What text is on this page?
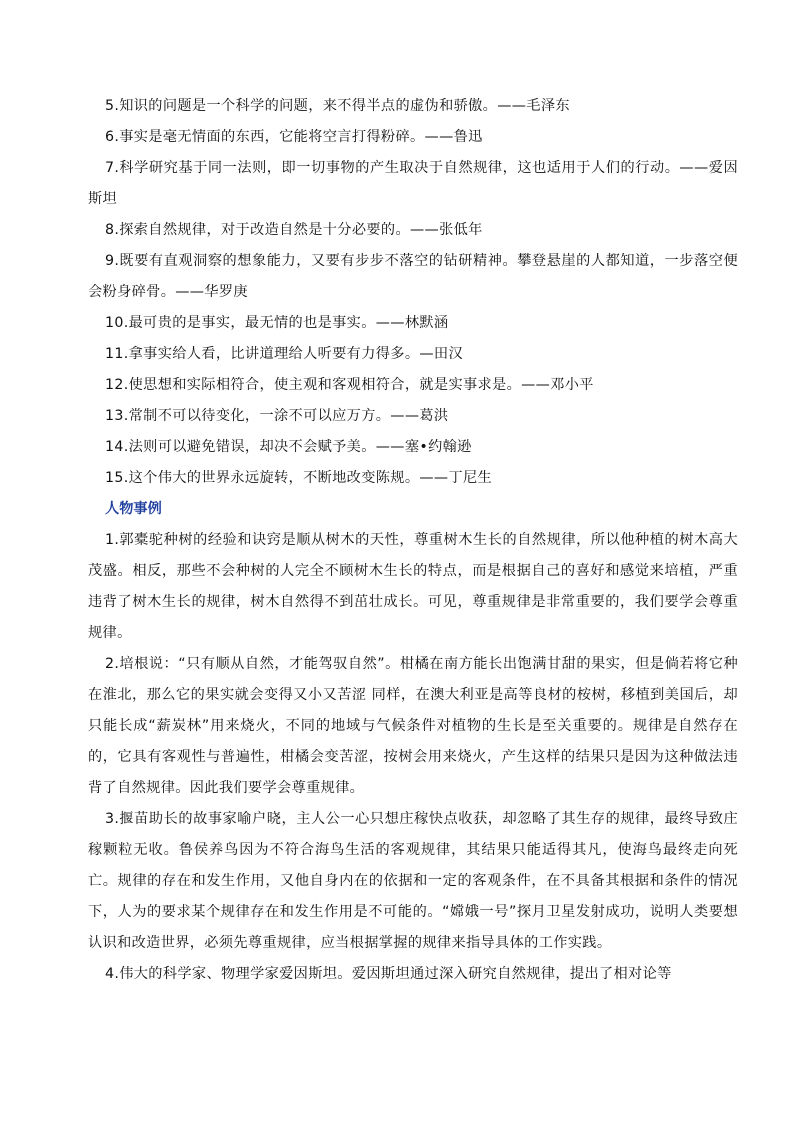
5.知识的问题是一个科学的问题，来不得半点的虚伪和骄傲。——毛泽东

6.事实是毫无情面的东西，它能将空言打得粉碎。——鲁迅

7.科学研究基于同一法则，即一切事物的产生取决于自然规律，这也适用于人们的行动。——爱因斯坦

8.探索自然规律，对于改造自然是十分必要的。——张低年

9.既要有直观洞察的想象能力，又要有步步不落空的钻研精神。攀登悬崖的人都知道，一步落空便会粉身碎骨。——华罗庚

10.最可贵的是事实，最无情的也是事实。——林默涵

11.拿事实给人看，比讲道理给人听要有力得多。—田汉

12.使思想和实际相符合，使主观和客观相符合，就是实事求是。——邓小平

13.常制不可以待变化，一涂不可以应万方。——葛洪

14.法则可以避免错误，却决不会赋予美。——塞•约翰逊

15.这个伟大的世界永远旋转，不断地改变陈规。——丁尼生

人物事例

1.郭橐驼种树的经验和诀窍是顺从树木的天性，尊重树木生长的自然规律，所以他种植的树木高大茂盛。相反，那些不会种树的人完全不顾树木生长的特点，而是根据自己的喜好和感觉来培植，严重违背了树木生长的规律，树木自然得不到茁壮成长。可见，尊重规律是非常重要的，我们要学会尊重规律。

2.培根说：“只有顺从自然，才能驾驭自然”。柑橘在南方能长出饱满甘甜的果实，但是倘若将它种在淮北，那么它的果实就会变得又小又苦涩 同样，在澳大利亚是高等良材的桉树，移植到美国后，却只能长成“薪炭林”用来烧火，不同的地域与气候条件对植物的生长是至关重要的。规律是自然存在的，它具有客观性与普遍性，柑橘会变苦涩，按树会用来烧火，产生这样的结果只是因为这种做法违背了自然规律。因此我们要学会尊重规律。

3.揠苗助长的故事家喻户晓，主人公一心只想庄稼快点收获，却忽略了其生存的规律，最终导致庄稼颗粒无收。鲁侯养鸟因为不符合海鸟生活的客观规律，其结果只能适得其凡，使海鸟最终走向死亡。规律的存在和发生作用，又他自身内在的依据和一定的客观条件，在不具备其根据和条件的情况下，人为的要求某个规律存在和发生作用是不可能的。“嫦娥一号”探月卫星发射成功，说明人类要想认识和改造世界，必须先尊重规律，应当根据掌握的规律来指导具体的工作实践。

4.伟大的科学家、物理学家爱因斯坦。爱因斯坦通过深入研究自然规律，提出了相对论等
